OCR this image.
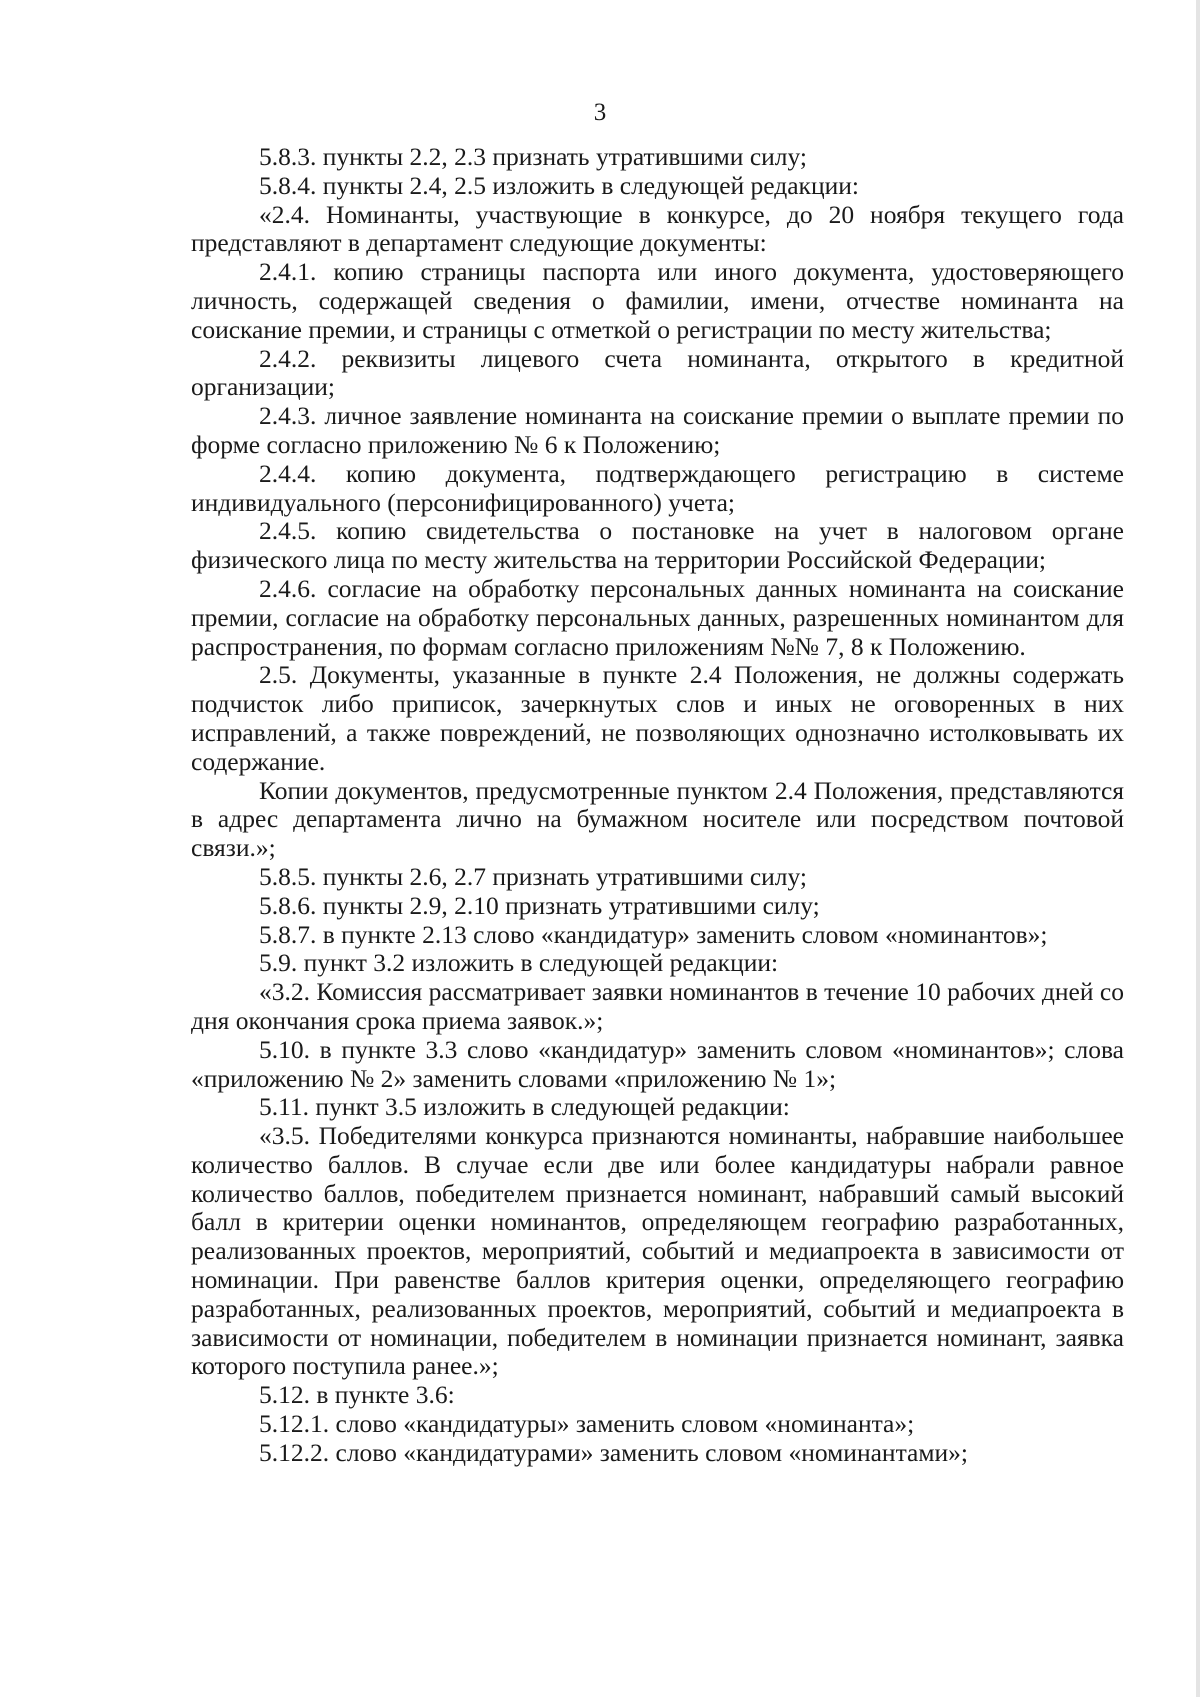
3

5.8.3. пункты 2.2, 2.3 признать утратившими силу;

5.8.4. пункты 2.4, 2.5 изложить в следующей редакции:

«2.4. Номинанты, участвующие в конкурсе, до 20 ноября текущего года представляют в департамент следующие документы:

2.4.1. копию страницы паспорта или иного документа, удостоверяющего личность, содержащей сведения о фамилии, имени, отчестве номинанта на соискание премии, и страницы с отметкой о регистрации по месту жительства;

2.4.2. реквизиты лицевого счета номинанта, открытого в кредитной организации;

2.4.3. личное заявление номинанта на соискание премии о выплате премии по форме согласно приложению № 6 к Положению;

2.4.4. копию документа, подтверждающего регистрацию в системе индивидуального (персонифицированного) учета;

2.4.5. копию свидетельства о постановке на учет в налоговом органе физического лица по месту жительства на территории Российской Федерации;

2.4.6. согласие на обработку персональных данных номинанта на соискание премии, согласие на обработку персональных данных, разрешенных номинантом для распространения, по формам согласно приложениям №№ 7, 8 к Положению.

2.5. Документы, указанные в пункте 2.4 Положения, не должны содержать подчисток либо приписок, зачеркнутых слов и иных не оговоренных в них исправлений, а также повреждений, не позволяющих однозначно истолковывать их содержание.

Копии документов, предусмотренные пунктом 2.4 Положения, представляются в адрес департамента лично на бумажном носителе или посредством почтовой связи.»;

5.8.5. пункты 2.6, 2.7 признать утратившими силу;

5.8.6. пункты 2.9, 2.10 признать утратившими силу;

5.8.7. в пункте 2.13 слово «кандидатур» заменить словом «номинантов»;

5.9. пункт 3.2 изложить в следующей редакции:

«3.2. Комиссия рассматривает заявки номинантов в течение 10 рабочих дней со дня окончания срока приема заявок.»;

5.10. в пункте 3.3 слово «кандидатур» заменить словом «номинантов»; слова «приложению № 2» заменить словами «приложению № 1»;

5.11. пункт 3.5 изложить в следующей редакции:

«3.5. Победителями конкурса признаются номинанты, набравшие наибольшее количество баллов. В случае если две или более кандидатуры набрали равное количество баллов, победителем признается номинант, набравший самый высокий балл в критерии оценки номинантов, определяющем географию разработанных, реализованных проектов, мероприятий, событий и медиапроекта в зависимости от номинации. При равенстве баллов критерия оценки, определяющего географию разработанных, реализованных проектов, мероприятий, событий и медиапроекта в зависимости от номинации, победителем в номинации признается номинант, заявка которого поступила ранее.»;

5.12. в пункте 3.6:

5.12.1. слово «кандидатуры» заменить словом «номинанта»;

5.12.2. слово «кандидатурами» заменить словом «номинантами»;
